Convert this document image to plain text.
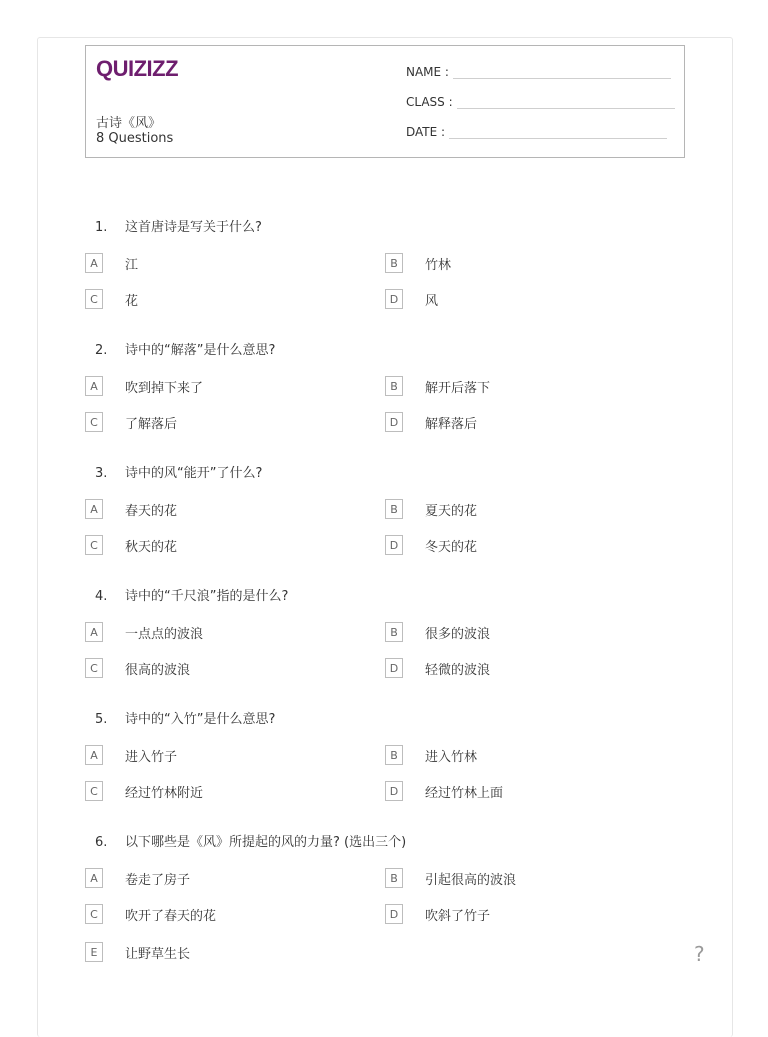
QUIZIZZ
古诗《风》
8 Questions
NAME :
CLASS :
DATE :
1. 这首唐诗是写关于什么?
A	江	B	竹林
C	花	D	风
2. 诗中的“解落”是什么意思?
A	吹到掉下来了	B	解开后落下
C	了解落后	D	解释落后
3. 诗中的风“能开”了什么?
A	春天的花	B	夏天的花
C	秋天的花	D	冬天的花
4. 诗中的“千尺浪”指的是什么?
A	一点点的波浪	B	很多的波浪
C	很高的波浪	D	轻微的波浪
5. 诗中的“入竹”是什么意思?
A	进入竹子	B	进入竹林
C	经过竹林附近	D	经过竹林上面
6. 以下哪些是《风》所提起的风的力量? (选出三个)
A	卷走了房子	B	引起很高的波浪
C	吹开了春天的花	D	吹斜了竹子
E	让野草生长	?
